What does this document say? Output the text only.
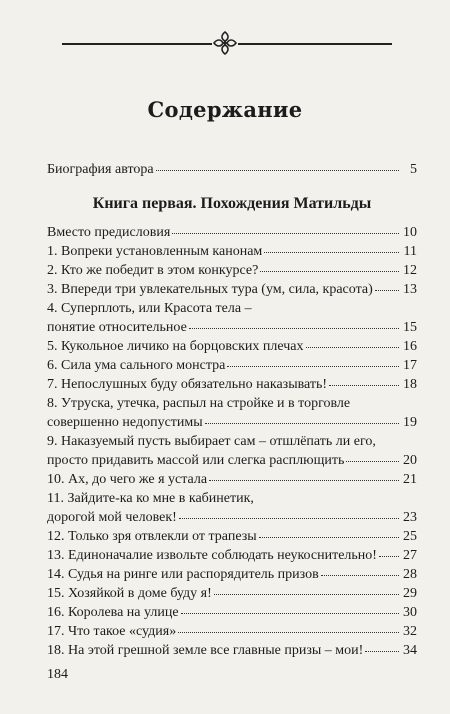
Содержание
Биография автора	5
Книга первая. Похождения Матильды
Вместо предисловия	10
1. Вопреки установленным канонам	11
2. Кто же победит в этом конкурсе?	12
3. Впереди три увлекательных тура (ум, сила, красота) 13
4. Суперплоть, или Красота тела –
понятие относительное	15
5. Кукольное личико на борцовских плечах	16
6. Сила ума сального монстра	17
7. Непослушных буду обязательно наказывать!	18
8. Утруска, утечка, распыл на стройке и в торговле
совершенно недопустимы	19
9. Наказуемый пусть выбирает сам – отшлёпать ли его,
просто придавить массой или слегка расплющить	20
10. Ах, до чего же я устала	21
11. Зайдите-ка ко мне в кабинетик,
дорогой мой человек!	23
12. Только зря отвлекли от трапезы	25
13. Единоначалие извольте соблюдать неукоснительно! 27
14. Судья на ринге или распорядитель призов	28
15. Хозяйкой в доме буду я!	29
16. Королева на улице	30
17. Что такое «судия»	32
18. На этой грешной земле все главные призы – мои!	34
184
